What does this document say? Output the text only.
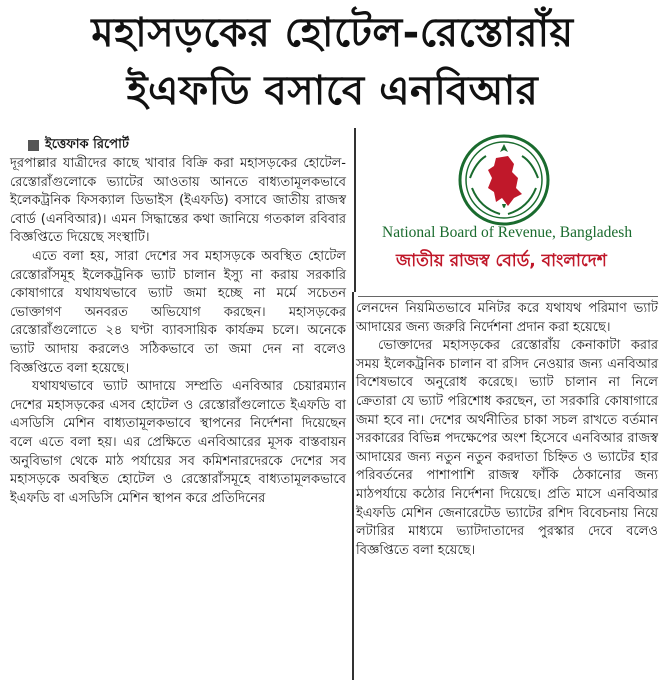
মহাসড়কের হোটেল-রেস্তোরাঁয়
ইএফডি বসাবে এনবিআর
ইত্তেফাক রিপোর্ট

দূরপাল্লার যাত্রীদের কাছে খাবার বিক্রি করা মহাসড়কের হোটেল-রেস্তোরাঁগুলোকে ভ্যাটের আওতায় আনতে বাধ্যতামূলকভাবে ইলেকট্রনিক ফিসক্যাল ডিভাইস (ইএফডি) বসাবে জাতীয় রাজস্ব বোর্ড (এনবিআর)। এমন সিদ্ধান্তের কথা জানিয়ে গতকাল রবিবার বিজ্ঞপ্তিতে দিয়েছে সংস্থাটি।

এতে বলা হয়, সারা দেশের সব মহাসড়কে অবস্থিত হোটেল রেস্তোরাঁসমূহ ইলেকট্রনিক ভ্যাট চালান ইস্যু না করায় সরকারি কোষাগারে যথাযথভাবে ভ্যাট জমা হচ্ছে না মর্মে সচেতন ভোক্তাগণ অনবরত অভিযোগ করছেন। মহাসড়কের রেস্তোরাঁগুলোতে ২৪ ঘণ্টা ব্যাবসায়িক কার্যক্রম চলে। অনেকে ভ্যাট আদায় করলেও সঠিকভাবে তা জমা দেন না বলেও বিজ্ঞপ্তিতে বলা হয়েছে।

যথাযথভাবে ভ্যাট আদায়ে সম্প্রতি এনবিআর চেয়ারম্যান দেশের মহাসড়কের এসব হোটেল ও রেস্তোরাঁগুলোতে ইএফডি বা এসডিসি মেশিন বাধ্যতামূলকভাবে স্থাপনের নির্দেশনা দিয়েছেন বলে এতে বলা হয়। এর প্রেক্ষিতে এনবিআরের মূসক বাস্তবায়ন অনুবিভাগ থেকে মাঠ পর্যায়ের সব কমিশনারদেরকে দেশের সব মহাসড়কে অবস্থিত হোটেল ও রেস্তোরাঁসমূহে বাধ্যতামূলকভাবে ইএফডি বা এসডিসি মেশিন স্থাপন করে প্রতিদিনের

National Board of Revenue, Bangladesh
জাতীয় রাজস্ব বোর্ড, বাংলাদেশ

লেনদেন নিয়মিতভাবে মনিটর করে যথাযথ পরিমাণ ভ্যাট আদায়ের জন্য জরুরি নির্দেশনা প্রদান করা হয়েছে।

ভোক্তাদের মহাসড়কের রেস্তোরাঁয় কেনাকাটা করার সময় ইলেকট্রনিক চালান বা রসিদ নেওয়ার জন্য এনবিআর বিশেষভাবে অনুরোধ করেছে। ভ্যাট চালান না নিলে ক্রেতারা যে ভ্যাট পরিশোধ করছেন, তা সরকারি কোষাগারে জমা হবে না। দেশের অর্থনীতির চাকা সচল রাখতে বর্তমান সরকারের বিভিন্ন পদক্ষেপের অংশ হিসেবে এনবিআর রাজস্ব আদায়ের জন্য নতুন নতুন করদাতা চিহ্নিত ও ভ্যাটের হার পরিবর্তনের পাশাপাশি রাজস্ব ফাঁকি ঠেকানোর জন্য মাঠপর্যায়ে কঠোর নির্দেশনা দিয়েছে। প্রতি মাসে এনবিআর ইএফডি মেশিন জেনারেটেড ভ্যাটের রশিদ বিবেচনায় নিয়ে লটারির মাধ্যমে ভ্যাটদাতাদের পুরস্কার দেবে বলেও বিজ্ঞপ্তিতে বলা হয়েছে।
